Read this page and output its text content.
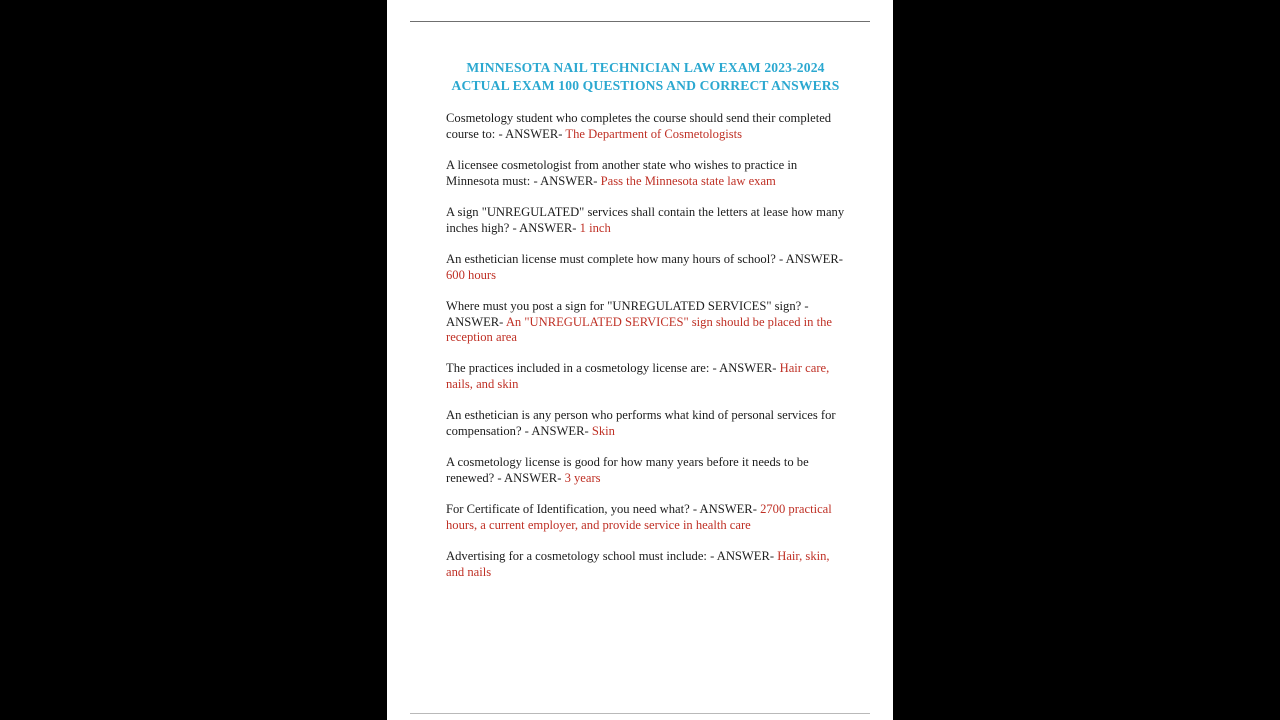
MINNESOTA NAIL TECHNICIAN LAW EXAM 2023-2024 ACTUAL EXAM 100 QUESTIONS AND CORRECT ANSWERS

Cosmetology student who completes the course should send their completed course to: - ANSWER- The Department of Cosmetologists

A licensee cosmetologist from another state who wishes to practice in Minnesota must: - ANSWER- Pass the Minnesota state law exam

A sign "UNREGULATED" services shall contain the letters at lease how many inches high? - ANSWER- 1 inch

An esthetician license must complete how many hours of school? - ANSWER- 600 hours

Where must you post a sign for "UNREGULATED SERVICES" sign? - ANSWER- An "UNREGULATED SERVICES" sign should be placed in the reception area

The practices included in a cosmetology license are: - ANSWER- Hair care, nails, and skin

An esthetician is any person who performs what kind of personal services for compensation? - ANSWER- Skin

A cosmetology license is good for how many years before it needs to be renewed? - ANSWER- 3 years

For Certificate of Identification, you need what? - ANSWER- 2700 practical hours, a current employer, and provide service in health care

Advertising for a cosmetology school must include: - ANSWER- Hair, skin, and nails
